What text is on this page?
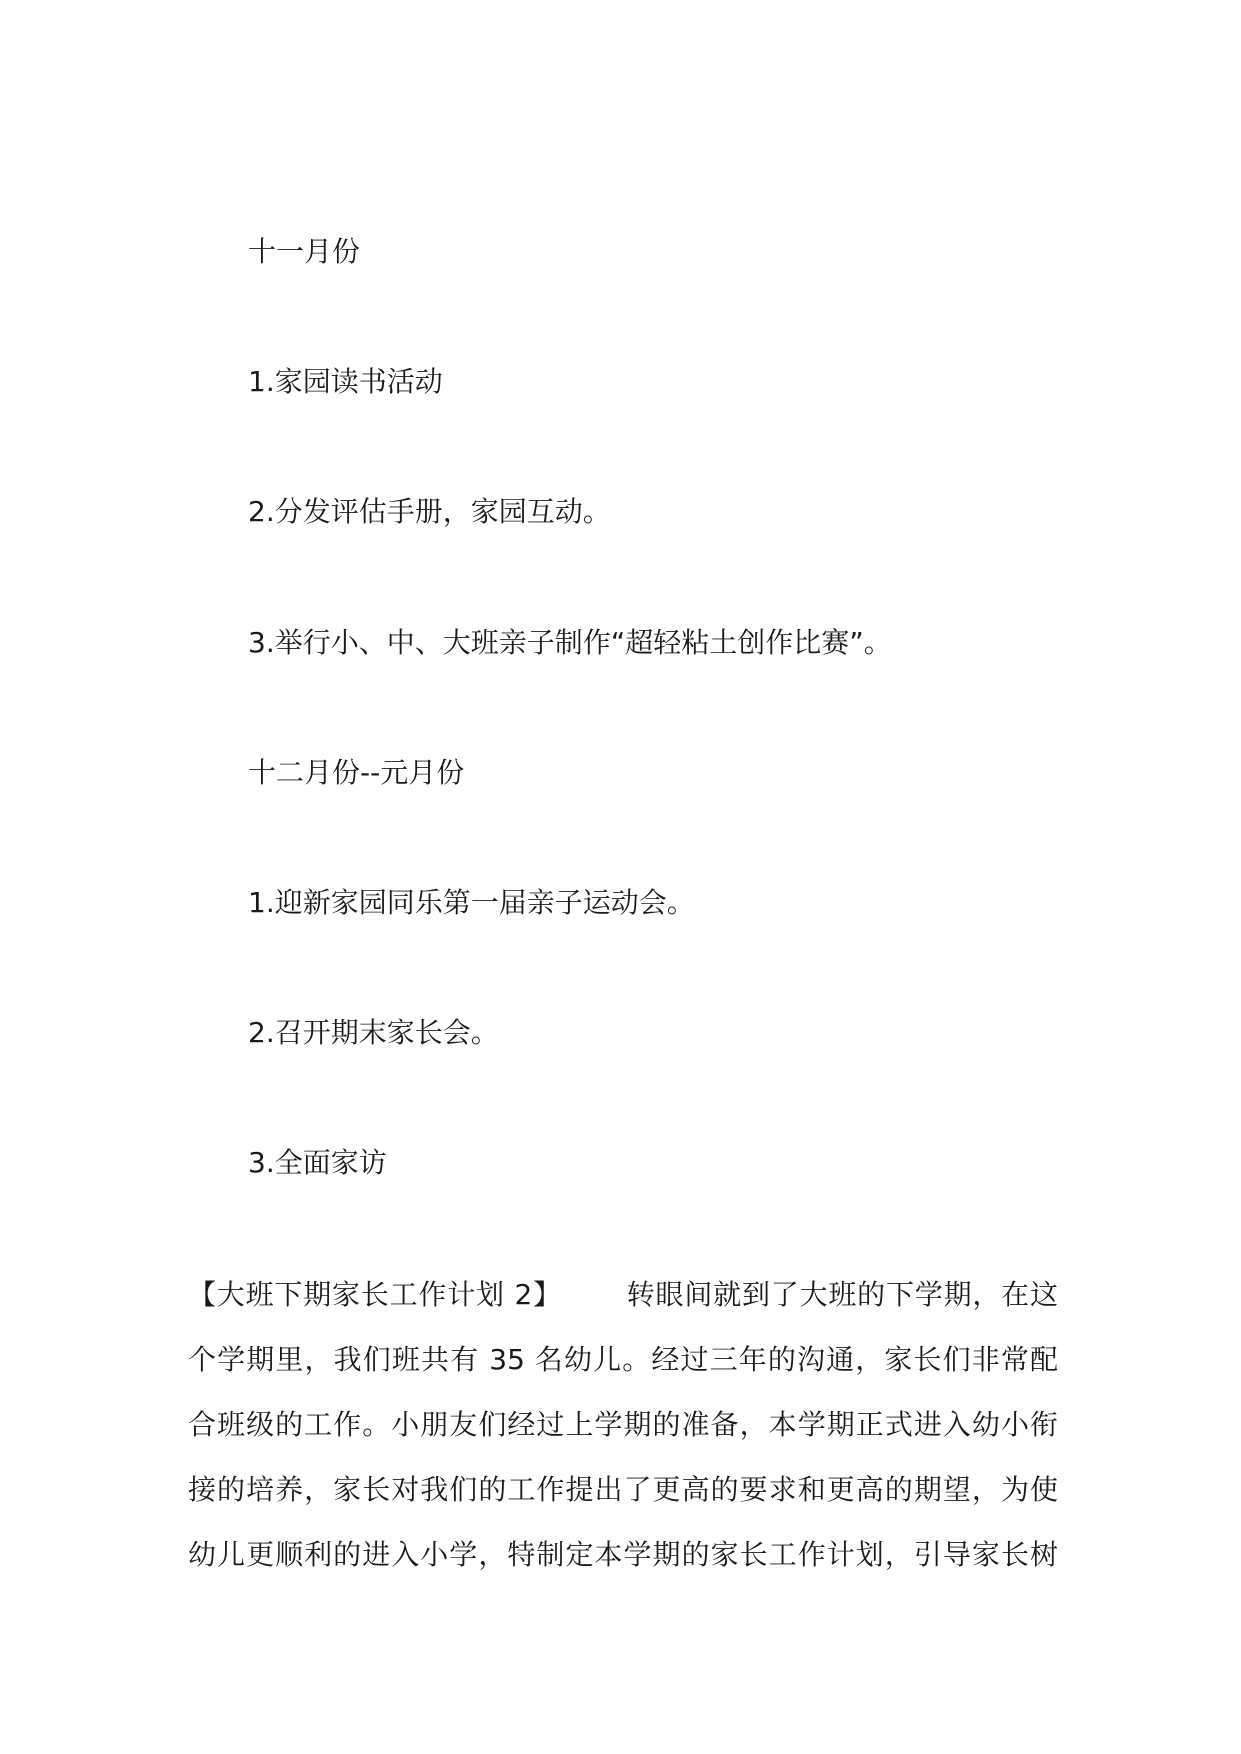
十一月份
1.家园读书活动
2.分发评估手册，家园互动。
3.举行小、中、大班亲子制作“超轻粘土创作比赛”。
十二月份--元月份
1.迎新家园同乐第一届亲子运动会。
2.召开期末家长会。
3.全面家访
【大班下期家长工作计划 2】 转眼间就到了大班的下学期，在这
个学期里，我们班共有 35 名幼儿。经过三年的沟通，家长们非常配
合班级的工作。小朋友们经过上学期的准备，本学期正式进入幼小衔
接的培养，家长对我们的工作提出了更高的要求和更高的期望，为使
幼儿更顺利的进入小学，特制定本学期的家长工作计划，引导家长树
